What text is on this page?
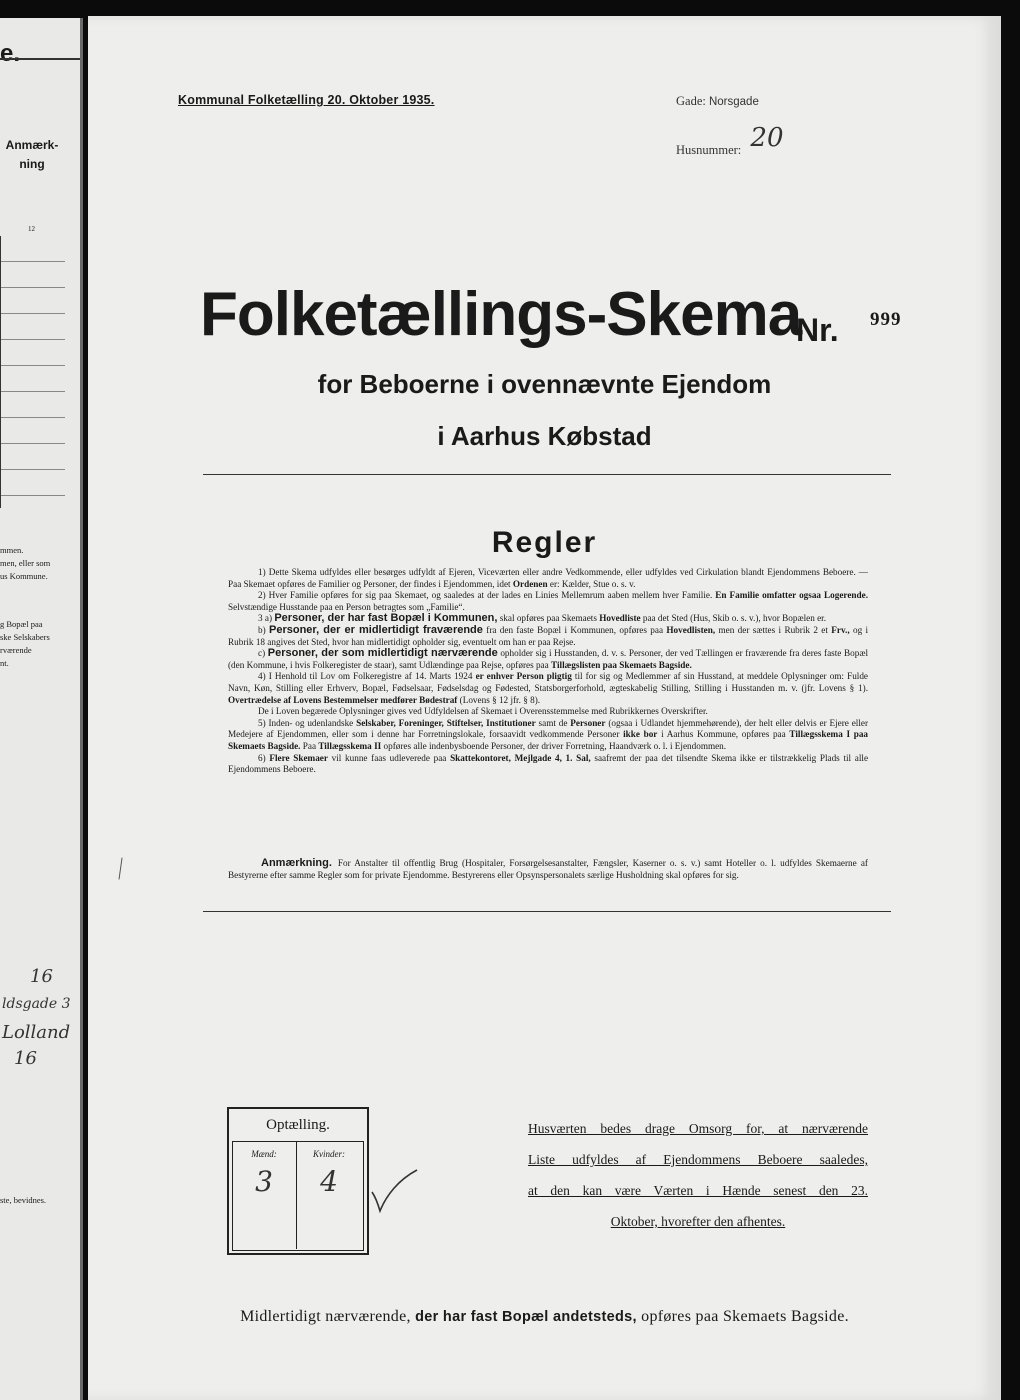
e.
Anmærk-
ning
12
mmen.
men, eller som
us Kommune.
g Bopæl paa
ske Selskabers
rværende
nt.
16
ldsgade 3
Lolland
16
ste, bevidnes.
Kommunal Folketælling 20. Oktober 1935.	Gade: Norsgade
Husnummer: 20
Folketællings-Skema
Nr. 999
for Beboerne i ovennævnte Ejendom
i Aarhus Købstad
Regler

1) Dette Skema udfyldes eller besørges udfyldt af Ejeren, Viceværten eller andre Vedkommende, eller udfyldes ved Cirkulation blandt Ejendommens Beboere. — Paa Skemaet opføres de Familier og Personer, der findes i Ejendommen, idet Ordenen er: Kælder, Stue o. s. v.

2) Hver Familie opføres for sig paa Skemaet, og saaledes at der lades en Linies Mellemrum aaben mellem hver Familie. En Familie omfatter ogsaa Logerende. Selvstændige Husstande paa en Person betragtes som „Familie“.

3 a) Personer, der har fast Bopæl i Kommunen, skal opføres paa Skemaets Hovedliste paa det Sted (Hus, Skib o. s. v.), hvor Bopælen er.

b) Personer, der er midlertidigt fraværende fra den faste Bopæl i Kommunen, opføres paa Hovedlisten, men der sættes i Rubrik 2 et Frv., og i Rubrik 18 angives det Sted, hvor han midlertidigt opholder sig, eventuelt om han er paa Rejse.

c) Personer, der som midlertidigt nærværende opholder sig i Husstanden, d. v. s. Personer, der ved Tællingen er fraværende fra deres faste Bopæl (den Kommune, i hvis Folkeregister de staar), samt Udlændinge paa Rejse, opføres paa Tillægslisten paa Skemaets Bagside.

4) I Henhold til Lov om Folkeregistre af 14. Marts 1924 er enhver Person pligtig til for sig og Medlemmer af sin Husstand, at meddele Oplysninger om: Fulde Navn, Køn, Stilling eller Erhverv, Bopæl, Fødselsaar, Fødselsdag og Fødested, Statsborgerforhold, ægteskabelig Stilling, Stilling i Husstanden m. v. (jfr. Lovens § 1). Overtrædelse af Lovens Bestemmelser medfører Bødestraf (Lovens § 12 jfr. § 8).

De i Loven begærede Oplysninger gives ved Udfyldelsen af Skemaet i Overensstemmelse med Rubrikkernes Overskrifter.

5) Inden- og udenlandske Selskaber, Foreninger, Stiftelser, Institutioner samt de Personer (ogsaa i Udlandet hjemmehørende), der helt eller delvis er Ejere eller Medejere af Ejendommen, eller som i denne har Forretningslokale, forsaavidt vedkommende Personer ikke bor i Aarhus Kommune, opføres paa Tillægsskema I paa Skemaets Bagside. Paa Tillægsskema II opføres alle indenbysboende Personer, der driver Forretning, Haandværk o. l. i Ejendommen.

6) Flere Skemaer vil kunne faas udleverede paa Skattekontoret, Mejlgade 4, 1. Sal, saafremt der paa det tilsendte Skema ikke er tilstrækkelig Plads til alle Ejendommens Beboere.

Anmærkning. For Anstalter til offentlig Brug (Hospitaler, Forsørgelsesanstalter, Fængsler, Kaserner o. s. v.) samt Hoteller o. l. udfyldes Skemaerne af Bestyrerne efter samme Regler som for private Ejendomme. Bestyrerens eller Opsynspersonalets særlige Husholdning skal opføres for sig.
Optælling.
Mænd:	Kvinder:
3	4
Husværten bedes drage Omsorg for, at nærværende
Liste udfyldes af Ejendommens Beboere saaledes,
at den kan være Værten i Hænde senest den 23.
Oktober, hvorefter den afhentes.
Midlertidigt nærværende, der har fast Bopæl andetsteds, opføres paa Skemaets Bagside.
